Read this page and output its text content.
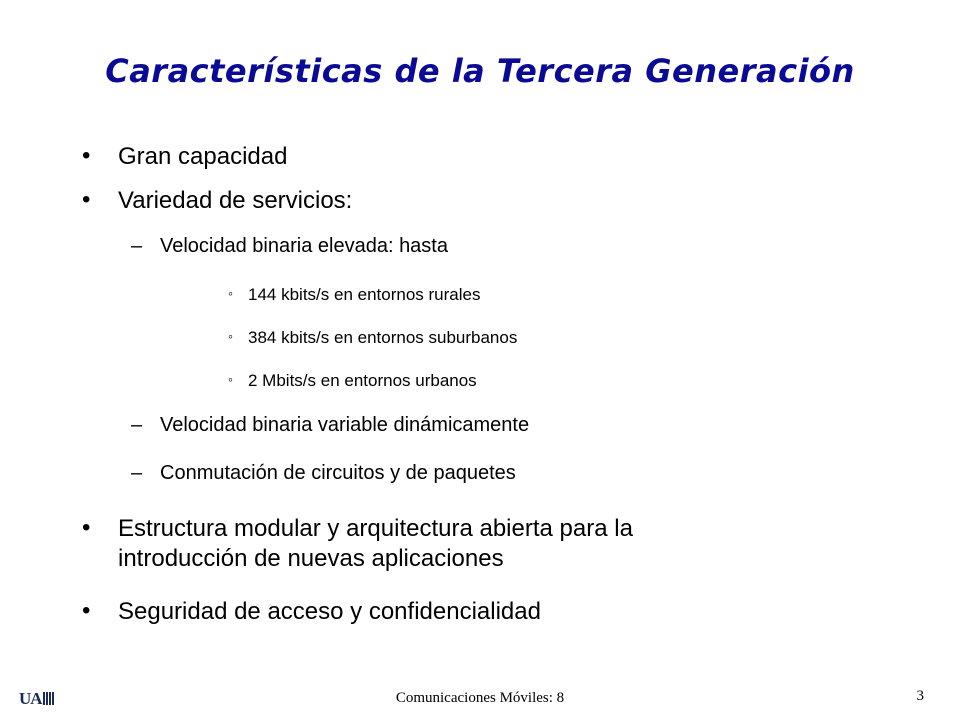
Características de la Tercera Generación
• Gran capacidad
• Variedad de servicios:
– Velocidad binaria elevada: hasta
◦ 144 kbits/s en entornos rurales
◦ 384 kbits/s en entornos suburbanos
◦ 2 Mbits/s en entornos urbanos
– Velocidad binaria variable dinámicamente
– Conmutación de circuitos y de paquetes
• Estructura modular y arquitectura abierta para la
introducción de nuevas aplicaciones
• Seguridad de acceso y confidencialidad
UA	Comunicaciones Móviles: 8	3
